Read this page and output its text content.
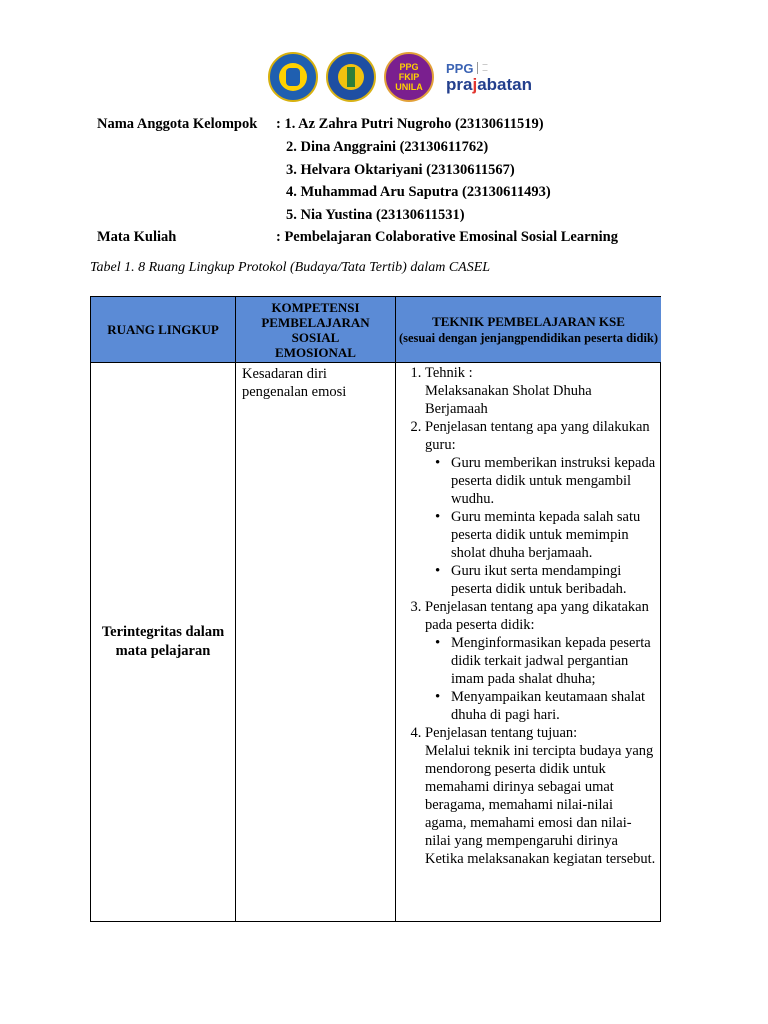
PPG
FKIP
UNILA
PPG —
—
prajabatan
Nama Anggota Kelompok : 1. Az Zahra Putri Nugroho (23130611519)
2. Dina Anggraini (23130611762)
3. Helvara Oktariyani (23130611567)
4. Muhammad Aru Saputra (23130611493)
5. Nia Yustina (23130611531)
Mata Kuliah	: Pembelajaran Colaborative Emosinal Sosial Learning
Tabel 1. 8 Ruang Lingkup Protokol (Budaya/Tata Tertib) dalam CASEL
RUANG LINGKUP
KOMPETENSI
PEMBELAJARAN
SOSIAL
EMOSIONAL
TEKNIK PEMBELAJARAN KSE
(sesuai dengan jenjangpendidikan peserta didik)
Terintegritas dalam mata pelajaran
Kesadaran diri pengenalan emosi
1. Tehnik :
Melaksanakan Sholat Dhuha Berjamaah
2. Penjelasan tentang apa yang dilakukan guru:
• Guru memberikan instruksi kepada peserta didik untuk mengambil wudhu.
• Guru meminta kepada salah satu peserta didik untuk memimpin sholat dhuha berjamaah.
• Guru ikut serta mendampingi peserta didik untuk beribadah.
3. Penjelasan tentang apa yang dikatakan pada peserta didik:
• Menginformasikan kepada peserta didik terkait jadwal pergantian imam pada shalat dhuha;
• Menyampaikan keutamaan shalat dhuha di pagi hari.
4. Penjelasan tentang tujuan:
Melalui teknik ini tercipta budaya yang mendorong peserta didik untuk memahami dirinya sebagai umat beragama, memahami nilai-nilai agama, memahami emosi dan nilai-nilai yang mempengaruhi dirinya Ketika melaksanakan kegiatan tersebut.
